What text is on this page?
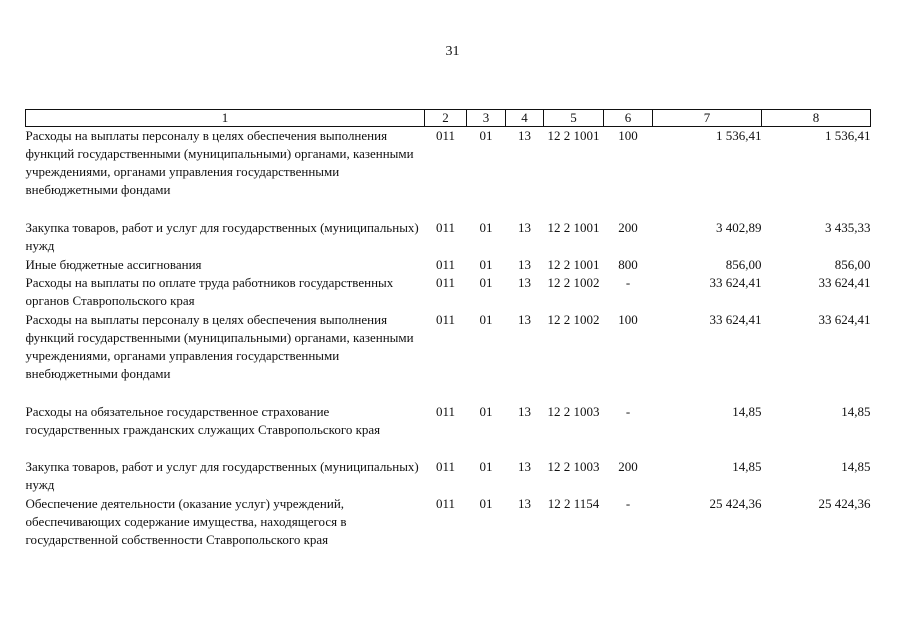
31
1	2	3	4	5	6	7	8
Расходы на выплаты персоналу в целях обеспечения выполнения функций государственными (муниципальными) органами, казенными учреждениями, органами управления государственными внебюджетными фондами	011	01	13	12 2 1001	100	1 536,41	1 536,41
Закупка товаров, работ и услуг для государственных (муниципальных) нужд	011	01	13	12 2 1001	200	3 402,89	3 435,33
Иные бюджетные ассигнования	011	01	13	12 2 1001	800	856,00	856,00
Расходы на выплаты по оплате труда работников государственных органов Ставропольского края	011	01	13	12 2 1002	-	33 624,41	33 624,41
Расходы на выплаты персоналу в целях обеспечения выполнения функций государственными (муниципальными) органами, казенными учреждениями, органами управления государственными внебюджетными фондами	011	01	13	12 2 1002	100	33 624,41	33 624,41
Расходы на обязательное государственное страхование государственных гражданских служащих Ставропольского края	011	01	13	12 2 1003	-	14,85	14,85
Закупка товаров, работ и услуг для государственных (муниципальных) нужд	011	01	13	12 2 1003	200	14,85	14,85
Обеспечение деятельности (оказание услуг) учреждений, обеспечивающих содержание имущества, находящегося в государственной собственности Ставропольского края	011	01	13	12 2 1154	-	25 424,36	25 424,36
